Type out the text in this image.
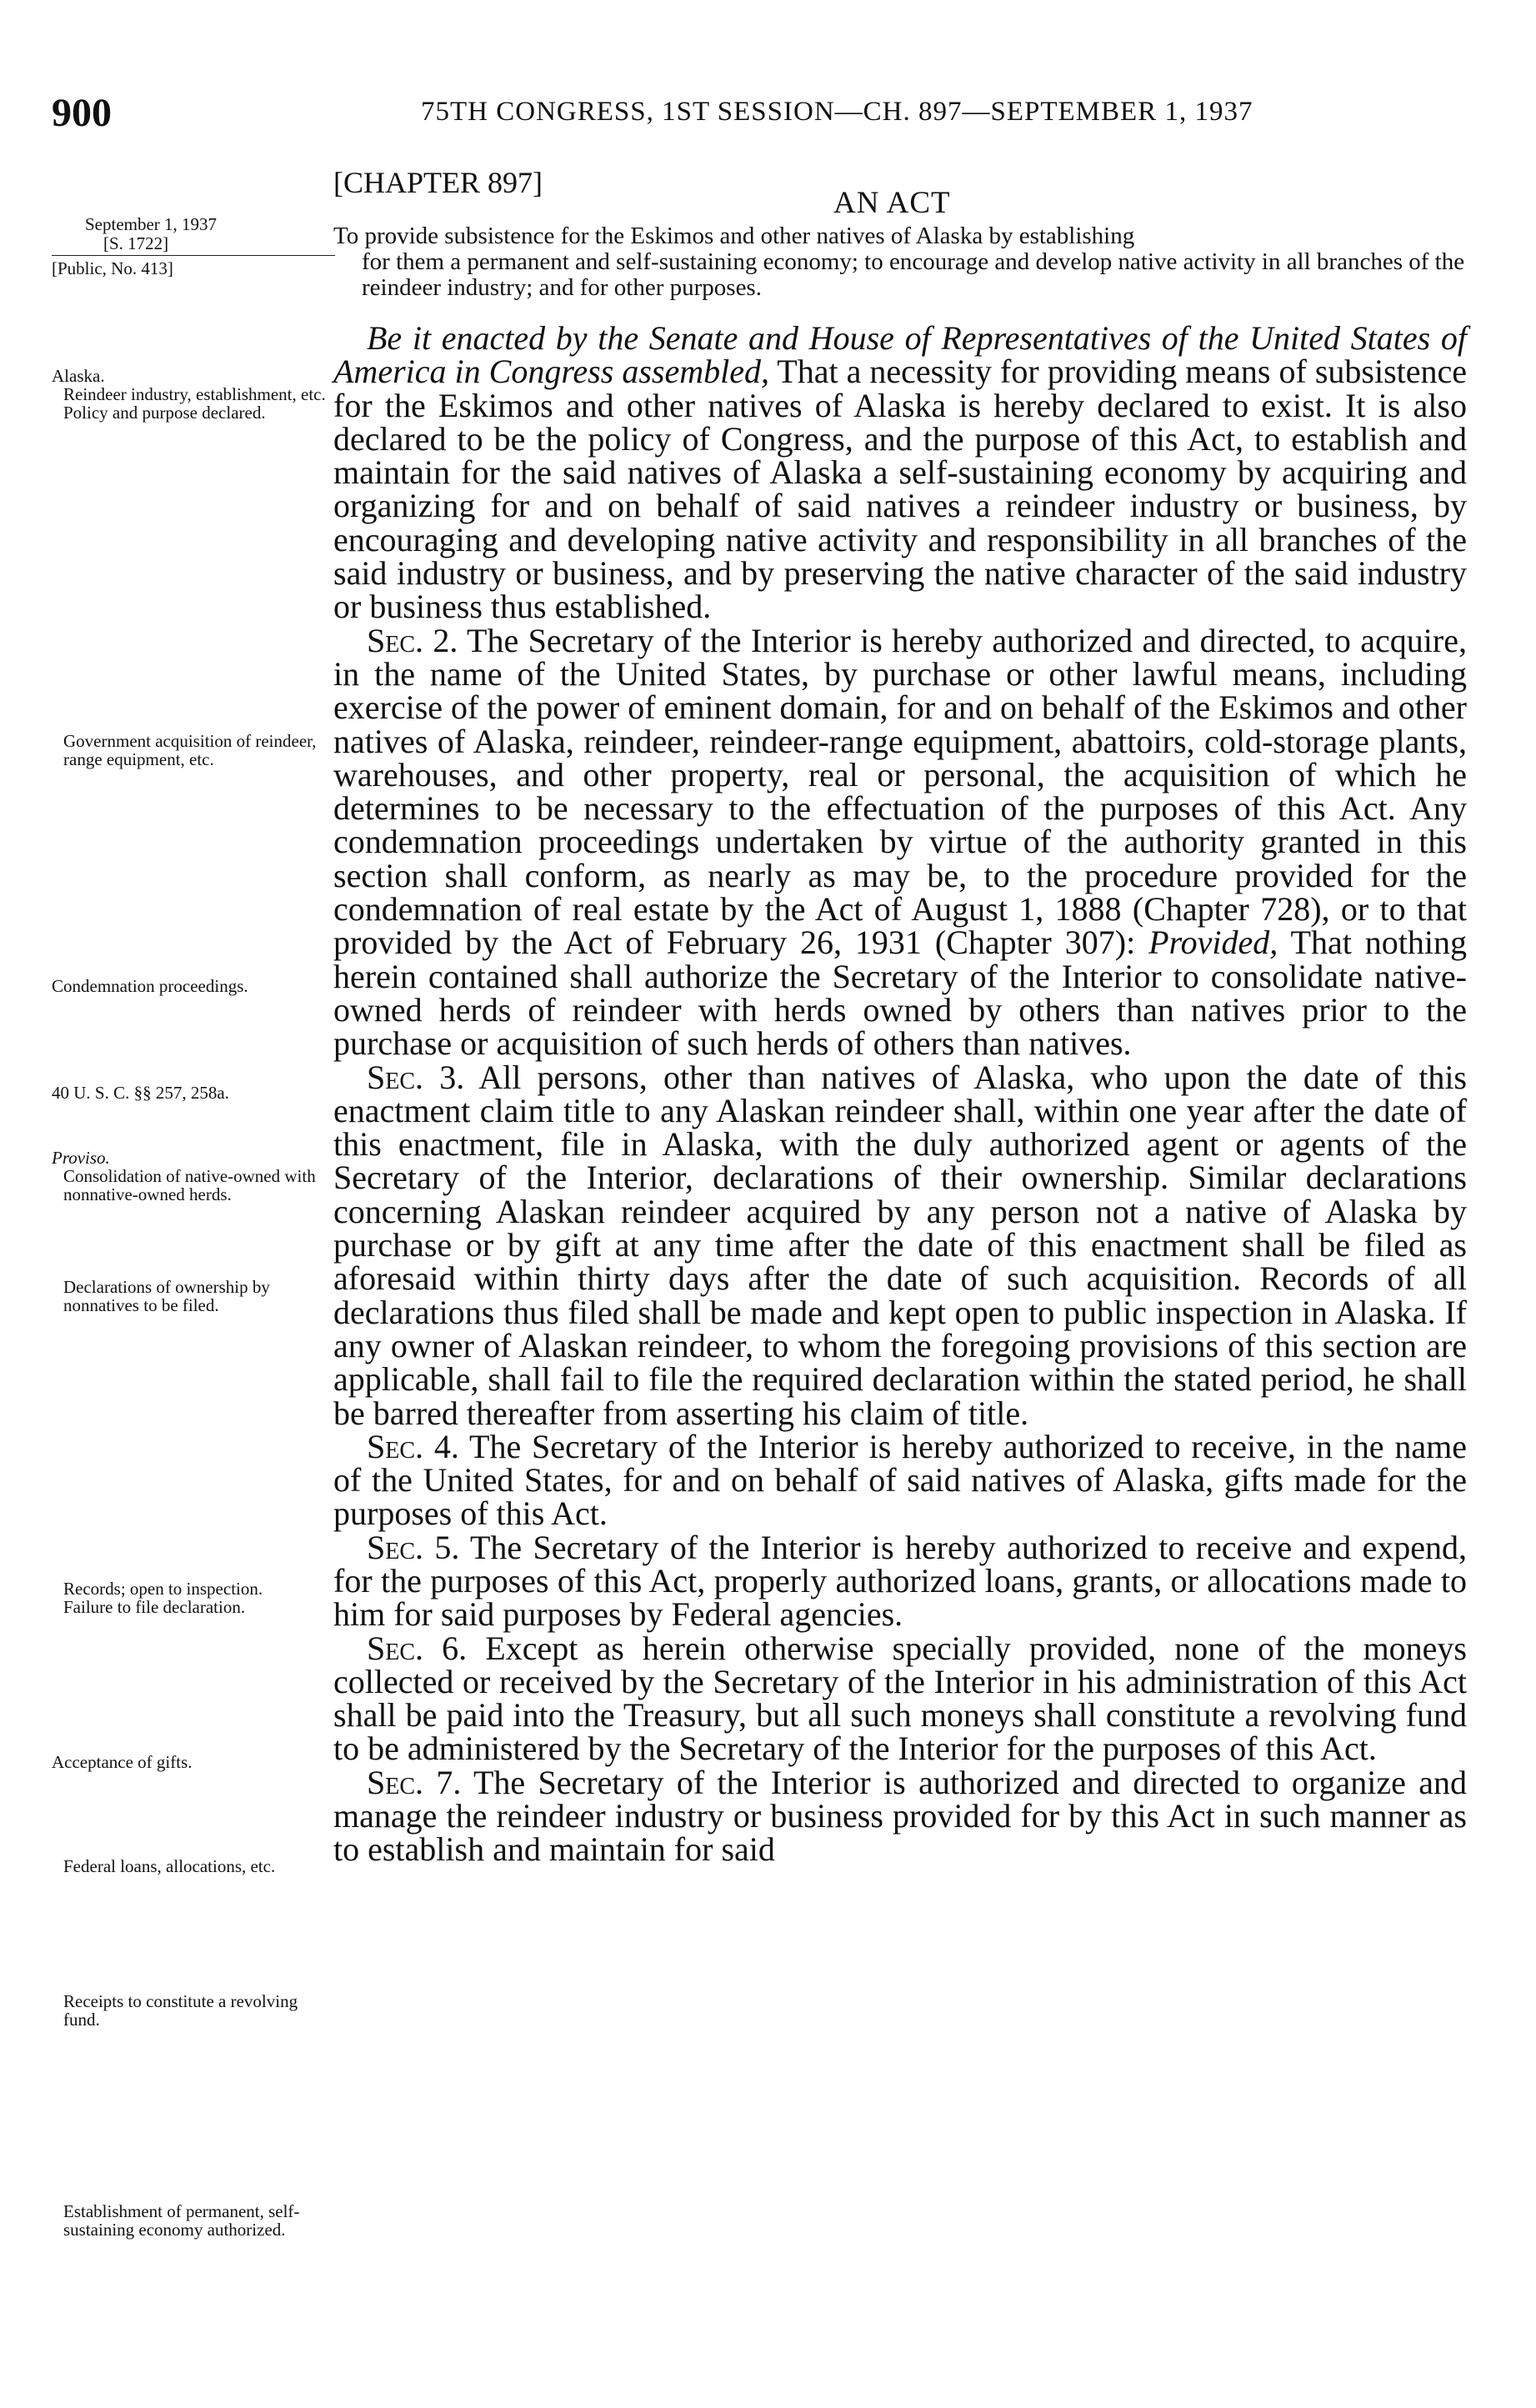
900	75TH CONGRESS, 1ST SESSION—CH. 897—SEPTEMBER 1, 1937
[CHAPTER 897]
AN ACT
To provide subsistence for the Eskimos and other natives of Alaska by establishing
for them a permanent and self-sustaining economy; to encourage and develop native activity in all branches of the reindeer industry; and for other purposes.
September 1, 1937
[S. 1722]
[Public, No. 413]
Alaska.
Reindeer industry, establishment, etc.
Policy and purpose declared.
Government acquisition of reindeer, range equipment, etc.
Condemnation proceedings.
40 U. S. C. §§ 257, 258a.
Proviso.
Consolidation of native-owned with nonnative-owned herds.
Declarations of ownership by nonnatives to be filed.
Records; open to inspection.
Failure to file declaration.
Acceptance of gifts.
Federal loans, allocations, etc.
Receipts to constitute a revolving fund.
Establishment of permanent, self-sustaining economy authorized.

Be it enacted by the Senate and House of Representatives of the United States of America in Congress assembled, That a necessity for providing means of subsistence for the Eskimos and other natives of Alaska is hereby declared to exist. It is also declared to be the policy of Congress, and the purpose of this Act, to establish and maintain for the said natives of Alaska a self-sustaining economy by acquiring and organizing for and on behalf of said natives a reindeer industry or business, by encouraging and developing native activity and responsibility in all branches of the said industry or business, and by preserving the native character of the said industry or business thus established.

Sec. 2. The Secretary of the Interior is hereby authorized and directed, to acquire, in the name of the United States, by purchase or other lawful means, including exercise of the power of eminent domain, for and on behalf of the Eskimos and other natives of Alaska, reindeer, reindeer-range equipment, abattoirs, cold-storage plants, warehouses, and other property, real or personal, the acquisition of which he determines to be necessary to the effectuation of the purposes of this Act. Any condemnation proceedings undertaken by virtue of the authority granted in this section shall conform, as nearly as may be, to the procedure provided for the condemnation of real estate by the Act of August 1, 1888 (Chapter 728), or to that provided by the Act of February 26, 1931 (Chapter 307): Provided, That nothing herein contained shall authorize the Secretary of the Interior to consolidate native-owned herds of reindeer with herds owned by others than natives prior to the purchase or acquisition of such herds of others than natives.

Sec. 3. All persons, other than natives of Alaska, who upon the date of this enactment claim title to any Alaskan reindeer shall, within one year after the date of this enactment, file in Alaska, with the duly authorized agent or agents of the Secretary of the Interior, declarations of their ownership. Similar declarations concerning Alaskan reindeer acquired by any person not a native of Alaska by purchase or by gift at any time after the date of this enactment shall be filed as aforesaid within thirty days after the date of such acquisition. Records of all declarations thus filed shall be made and kept open to public inspection in Alaska. If any owner of Alaskan reindeer, to whom the foregoing provisions of this section are applicable, shall fail to file the required declaration within the stated period, he shall be barred thereafter from asserting his claim of title.

Sec. 4. The Secretary of the Interior is hereby authorized to receive, in the name of the United States, for and on behalf of said natives of Alaska, gifts made for the purposes of this Act.

Sec. 5. The Secretary of the Interior is hereby authorized to receive and expend, for the purposes of this Act, properly authorized loans, grants, or allocations made to him for said purposes by Federal agencies.

Sec. 6. Except as herein otherwise specially provided, none of the moneys collected or received by the Secretary of the Interior in his administration of this Act shall be paid into the Treasury, but all such moneys shall constitute a revolving fund to be administered by the Secretary of the Interior for the purposes of this Act.

Sec. 7. The Secretary of the Interior is authorized and directed to organize and manage the reindeer industry or business provided for by this Act in such manner as to establish and maintain for said
